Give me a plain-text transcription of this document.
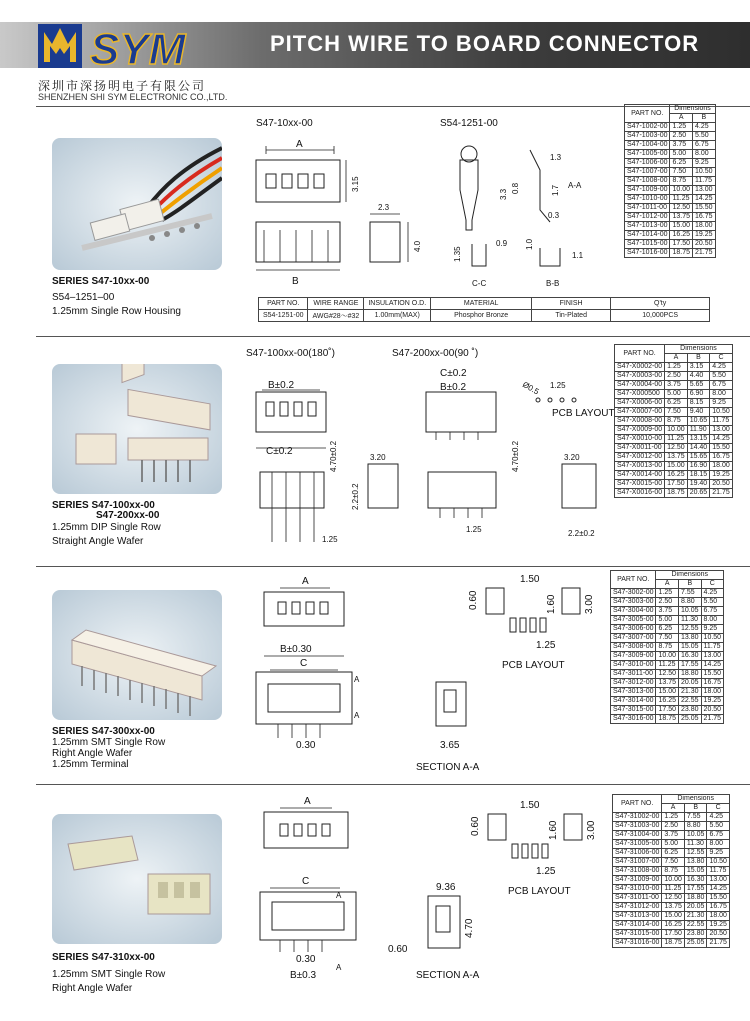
SYM	PITCH WIRE TO BOARD CONNECTOR
深圳市深扬明电子有限公司
SHENZHEN SHI SYM ELECTRONIC CO.,LTD.
SERIES S47-10xx-00
S54–1251–00
1.25mm Single Row Housing
S47-10xx-00	S54-1251-00
A
3.15
B
2.3
4.0
1.3
3.3
0.8	1.7 A-A
0.3
1.35
0.9
C-C
1.0
1.1
B-B
PART NO.	Dimensions	
	A	B
S47-1002-00	1.25	4.25
S47-1003-00	2.50	5.50
S47-1004-00	3.75	6.75
S47-1005-00	5.00	8.00
S47-1006-00	6.25	9.25
S47-1007-00	7.50	10.50
S47-1008-00	8.75	11.75
S47-1009-00	10.00	13.00
S47-1010-00	11.25	14.25
S47-1011-00	12.50	15.50
S47-1012-00	13.75	16.75
S47-1013-00	15.00	18.00
S47-1014-00	16.25	19.25
S47-1015-00	17.50	20.50
S47-1016-00	18.75	21.75
PART NO.	WIRE RANGE	INSULATION O.D.	MATERIAL	FINISH	Q'ty
S54-1251-00	AWG#28～#32	1.00mm(MAX)	Phosphor Bronze	Tin-Plated	10,000PCS
SERIES S47-100xx-00
S47-200xx-00
1.25mm DIP Single Row
Straight Angle Wafer
S47-100xx-00(180˚)	S47-200xx-00(90 ˚)
B±0.2
C±0.2	4.70±0.2	3.20
2.2±0.2
1.25
C±0.2
B±0.2
4.70±0.2	3.20
1.25	2.2±0.2
Ø0.5 1.25
PCB LAYOUT
PART NO.	Dimensions		
	A	B	C
S47-X0002-00	1.25	3.15	4.25
S47-X0003-00	2.50	4.40	5.50
S47-X0004-00	3.75	5.65	6.75
S47-X000500	5.00	6.90	8.00
S47-X0006-00	6.25	8.15	9.25
S47-X0007-00	7.50	9.40	10.50
S47-X0008-00	8.75	10.65	11.75
S47-X0009-00	10.00	11.90	13.00
S47-X0010-00	11.25	13.15	14.25
S47-X0011-00	12.50	14.40	15.50
S47-X0012-00	13.75	15.65	16.75
S47-X0013-00	15.00	16.90	18.00
S47-X0014-00	16.25	18.15	19.25
S47-X0015-00	17.50	19.40	20.50
S47-X0016-00	18.75	20.65	21.75
SERIES S47-300xx-00
1.25mm SMT Single Row
Right Angle Wafer
1.25mm Terminal
A
B±0.30
C
A
A
0.30
1.50
0.60	1.60	3.00
1.25
PCB LAYOUT
3.65
SECTION A-A
PART NO.	Dimensions		
	A	B	C
S47-3002-00	1.25	7.55	4.25
S47-3003-00	2.50	8.80	5.50
S47-3004-00	3.75	10.05	6.75
S47-3005-00	5.00	11.30	8.00
S47-3006-00	6.25	12.55	9.25
S47-3007-00	7.50	13.80	10.50
S47-3008-00	8.75	15.05	11.75
S47-3009-00	10.00	16.30	13.00
S47-3010-00	11.25	17.55	14.25
S47-3011-00	12.50	18.80	15.50
S47-3012-00	13.75	20.05	16.75
S47-3013-00	15.00	21.30	18.00
S47-3014-00	16.25	22.55	19.25
S47-3015-00	17.50	23.80	20.50
S47-3016-00	18.75	25.05	21.75
SERIES S47-310xx-00
1.25mm SMT Single Row
Right Angle Wafer
A
C
A
A
0.30
B±0.3
1.50
0.60	1.60	3.00
1.25
PCB LAYOUT
9.36
4.70
0.60
SECTION A-A
PART NO.	Dimensions		
	A	B	C
S47-31002-00	1.25	7.55	4.25
S47-31003-00	2.50	8.80	5.50
S47-31004-00	3.75	10.05	6.75
S47-31005-00	5.00	11.30	8.00
S47-31006-00	6.25	12.55	9.25
S47-31007-00	7.50	13.80	10.50
S47-31008-00	8.75	15.05	11.75
S47-31009-00	10.00	16.30	13.00
S47-31010-00	11.25	17.55	14.25
S47-31011-00	12.50	18.80	15.50
S47-31012-00	13.75	20.05	16.75
S47-31013-00	15.00	21.30	18.00
S47-31014-00	16.25	22.55	19.25
S47-31015-00	17.50	23.80	20.50
S47-31016-00	18.75	25.05	21.75
